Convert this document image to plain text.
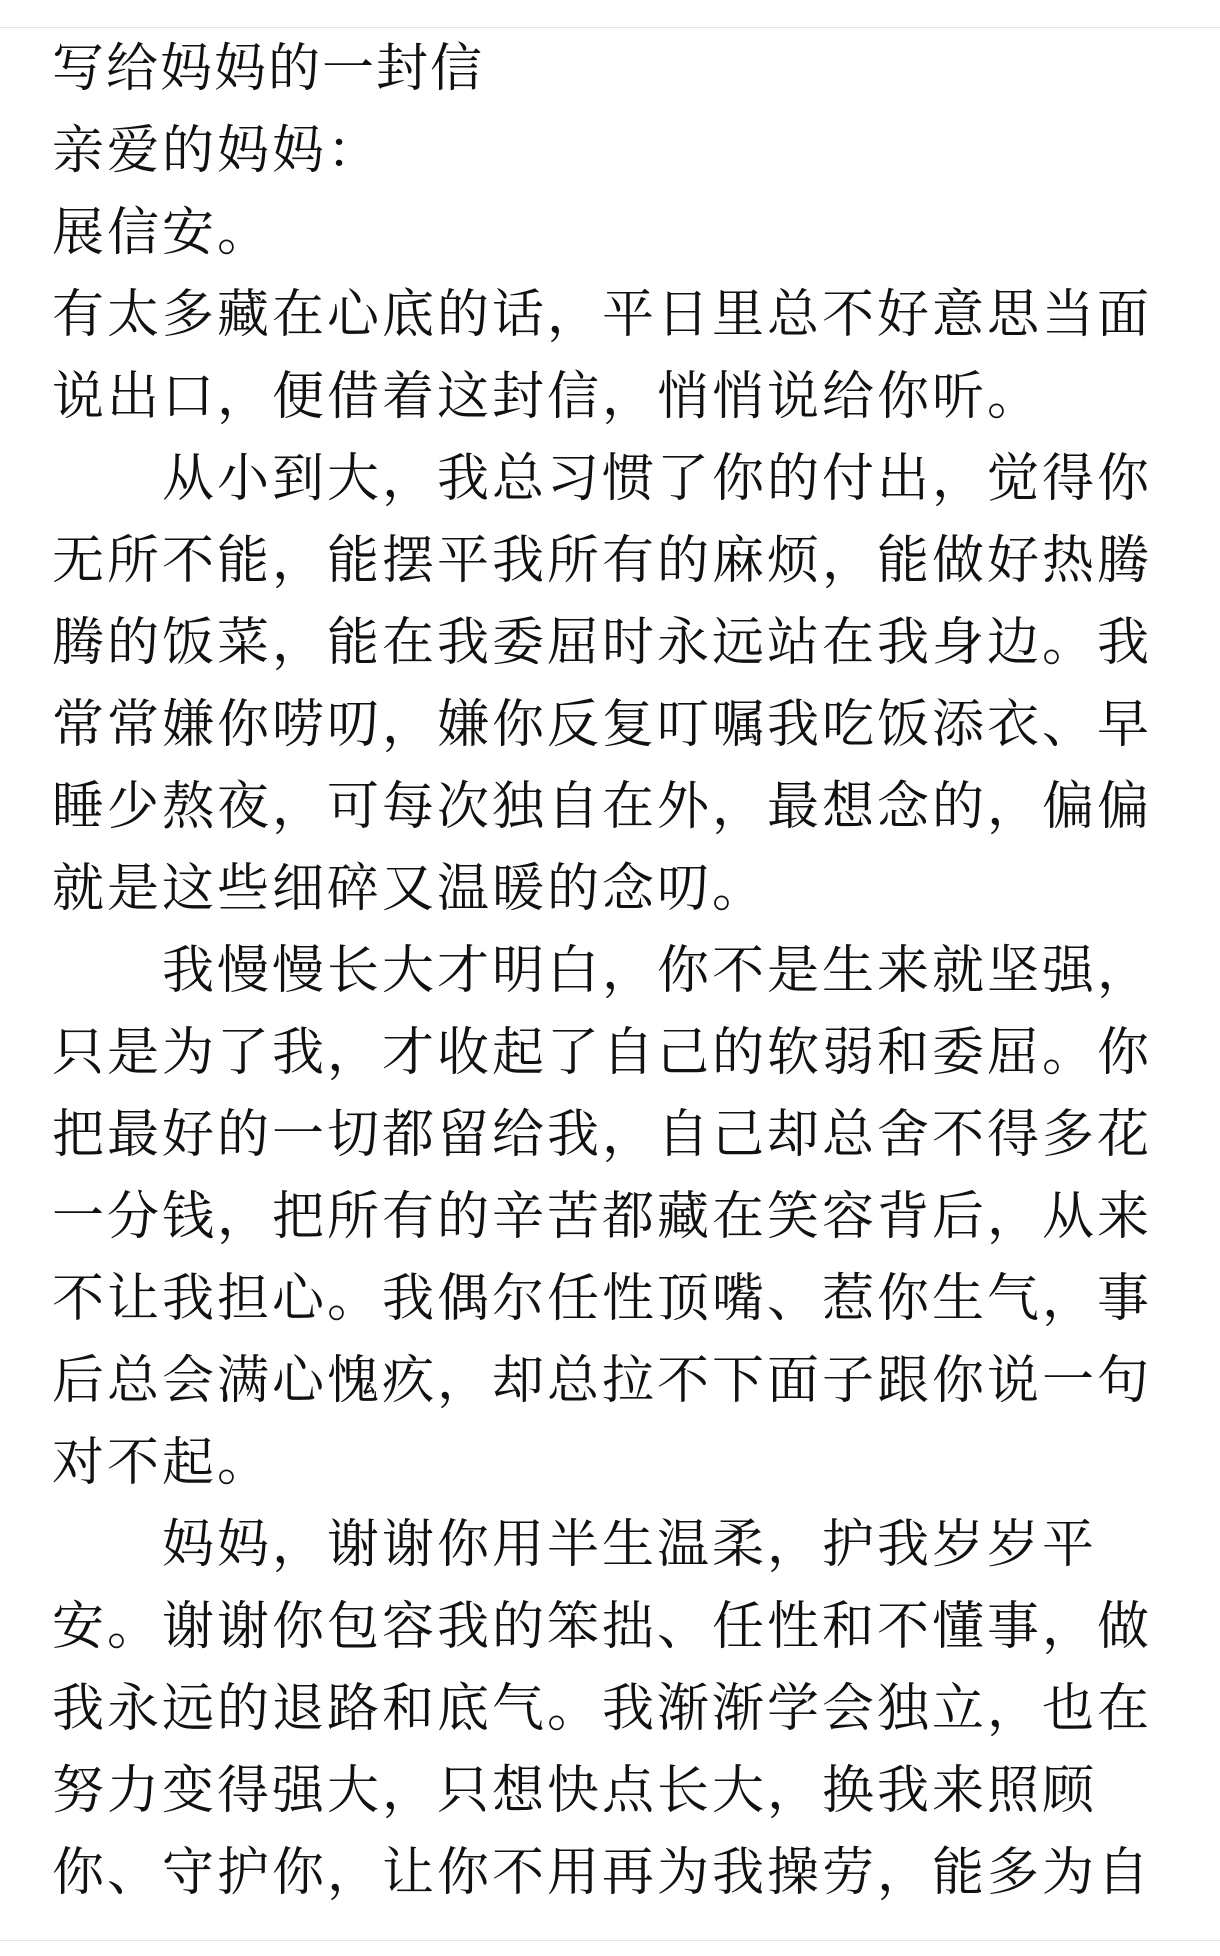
写给妈妈的一封信
亲爱的妈妈：
展信安。
有太多藏在心底的话，平日里总不好意思当面
说出口，便借着这封信，悄悄说给你听。
从小到大，我总习惯了你的付出，觉得你
无所不能，能摆平我所有的麻烦，能做好热腾
腾的饭菜，能在我委屈时永远站在我身边。我
常常嫌你唠叨，嫌你反复叮嘱我吃饭添衣、早
睡少熬夜，可每次独自在外，最想念的，偏偏
就是这些细碎又温暖的念叨。
我慢慢长大才明白，你不是生来就坚强，
只是为了我，才收起了自己的软弱和委屈。你
把最好的一切都留给我，自己却总舍不得多花
一分钱，把所有的辛苦都藏在笑容背后，从来
不让我担心。我偶尔任性顶嘴、惹你生气，事
后总会满心愧疚，却总拉不下面子跟你说一句
对不起。
妈妈，谢谢你用半生温柔，护我岁岁平
安。谢谢你包容我的笨拙、任性和不懂事，做
我永远的退路和底气。我渐渐学会独立，也在
努力变得强大，只想快点长大，换我来照顾
你、守护你，让你不用再为我操劳，能多为自
